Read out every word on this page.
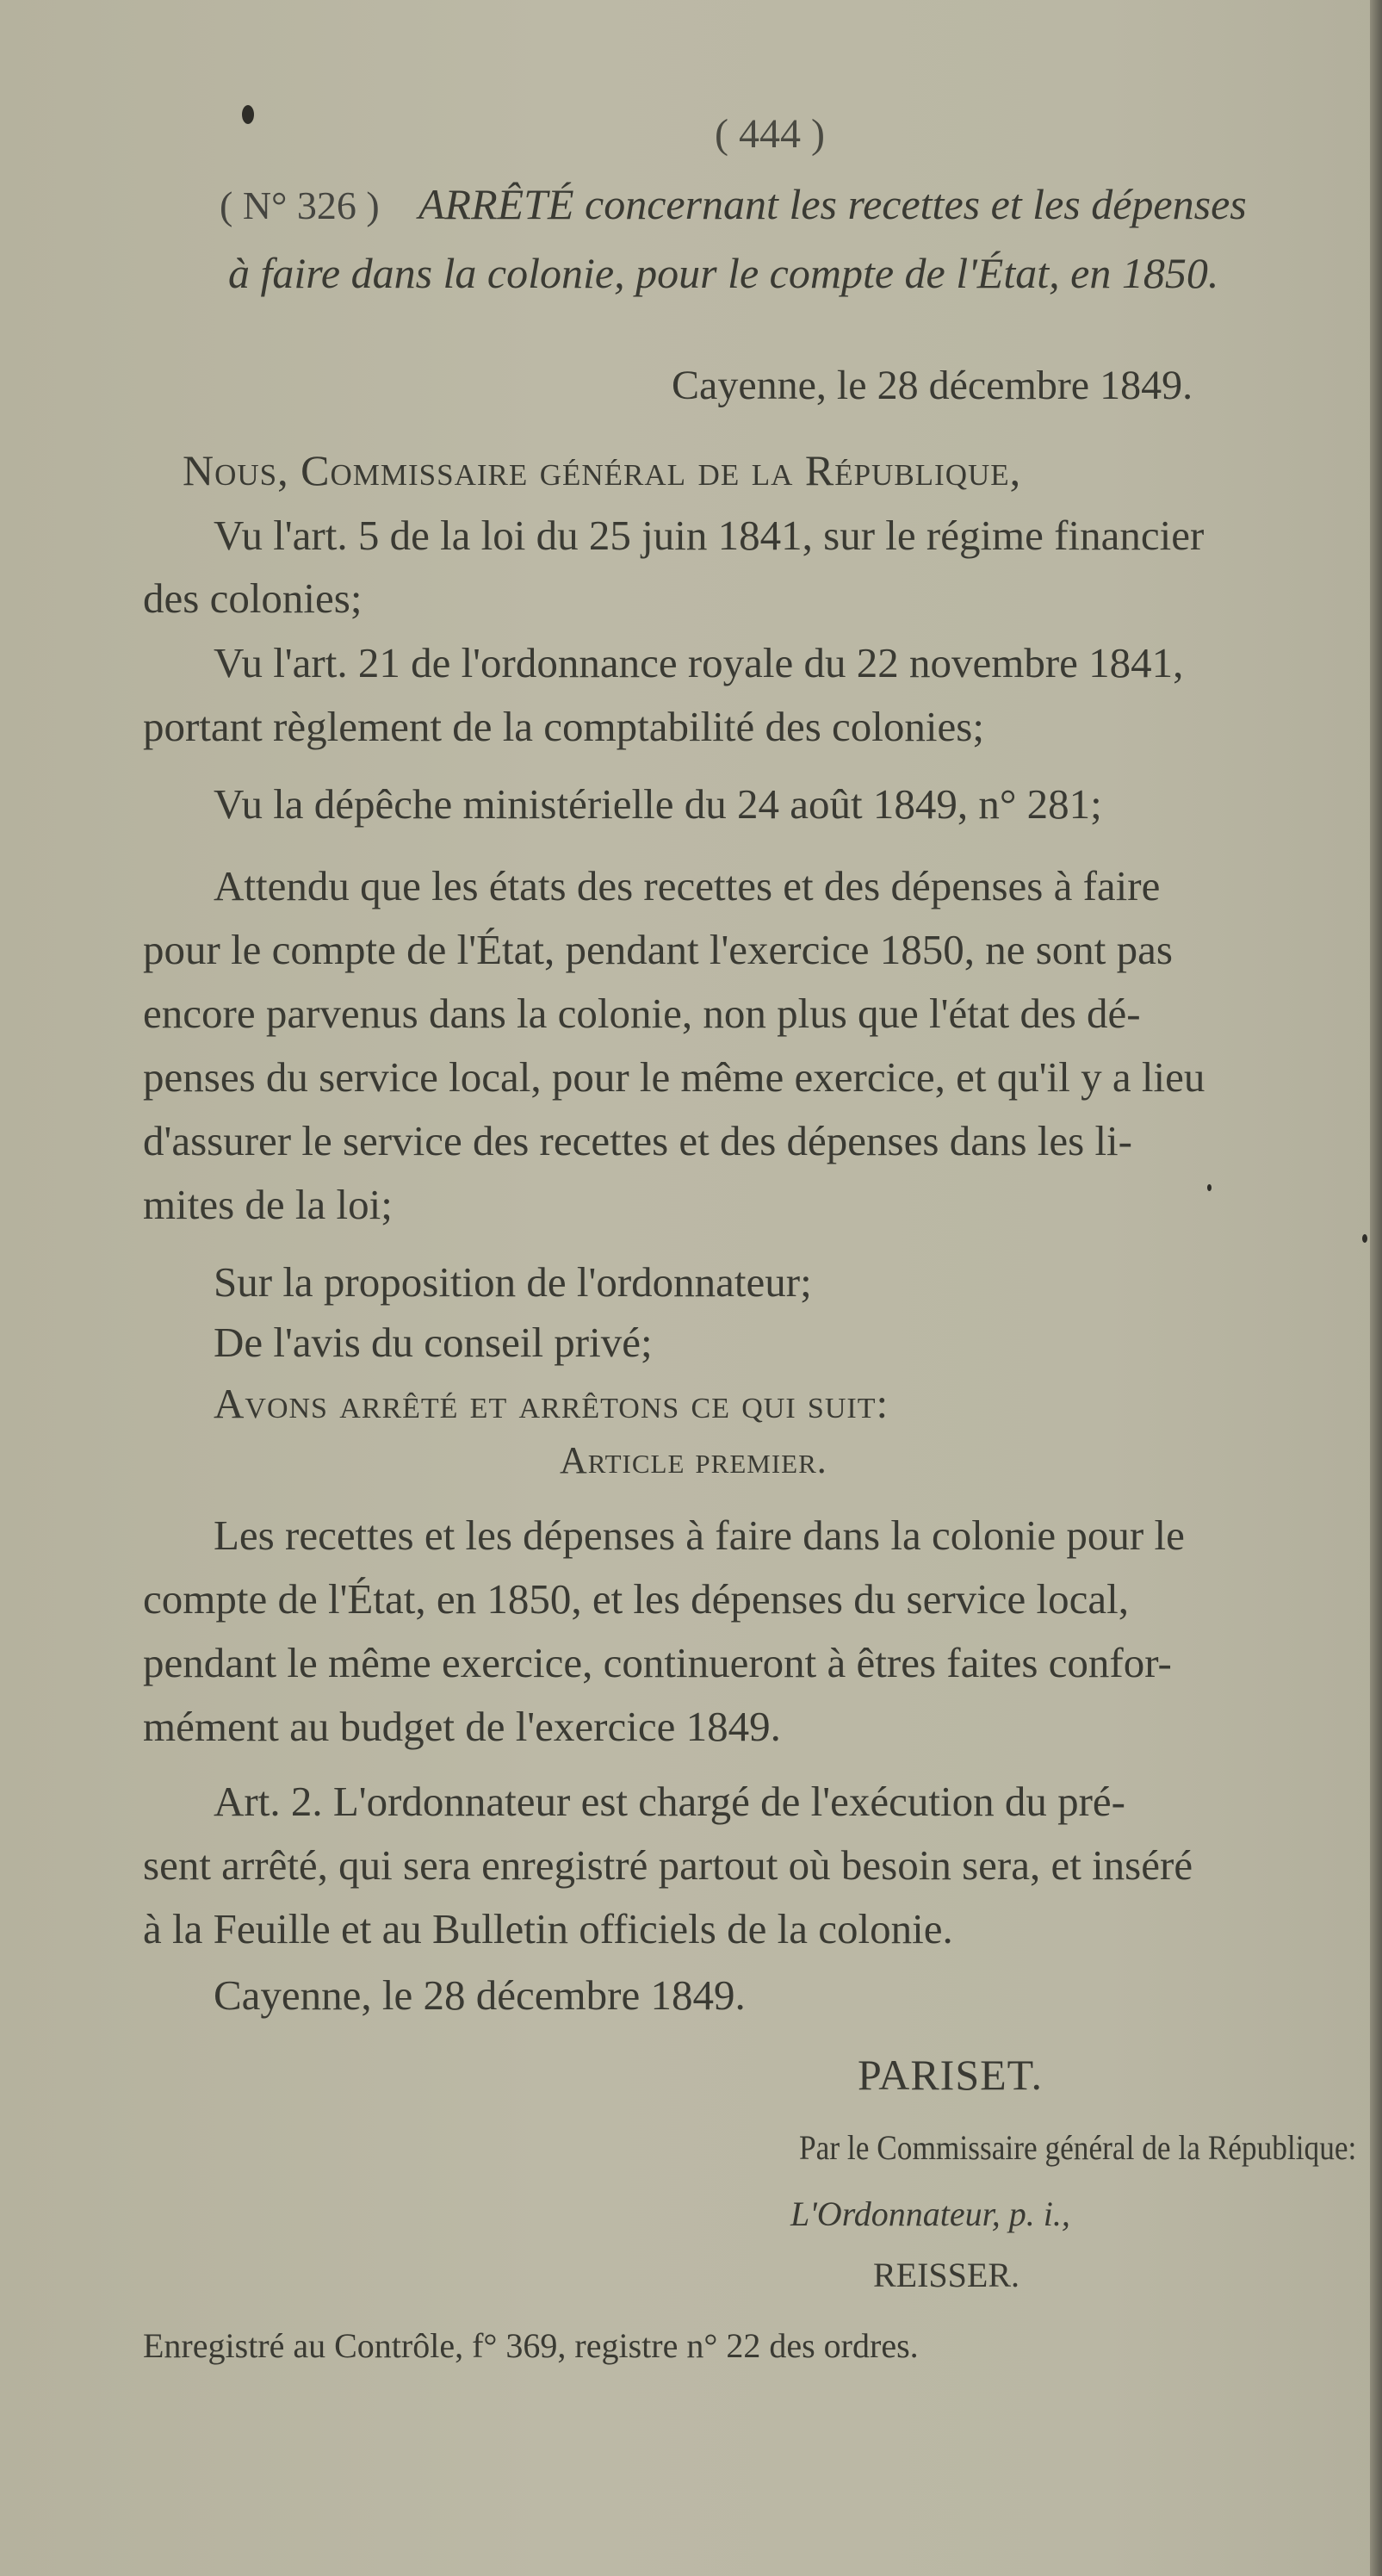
( 444 )
( N° 326 ) ARRÊTÉ concernant les recettes et les dépenses
à faire dans la colonie, pour le compte de l'État, en 1850.
Cayenne, le 28 décembre 1849.
Nous, Commissaire général de la République,
Vu l'art. 5 de la loi du 25 juin 1841, sur le régime financier
des colonies;
Vu l'art. 21 de l'ordonnance royale du 22 novembre 1841,
portant règlement de la comptabilité des colonies;
Vu la dépêche ministérielle du 24 août 1849, n° 281;
Attendu que les états des recettes et des dépenses à faire
pour le compte de l'État, pendant l'exercice 1850, ne sont pas
encore parvenus dans la colonie, non plus que l'état des dé-
penses du service local, pour le même exercice, et qu'il y a lieu
d'assurer le service des recettes et des dépenses dans les li-
mites de la loi;
Sur la proposition de l'ordonnateur;
De l'avis du conseil privé;
Avons arrêté et arrêtons ce qui suit:
Article premier.
Les recettes et les dépenses à faire dans la colonie pour le
compte de l'État, en 1850, et les dépenses du service local,
pendant le même exercice, continueront à êtres faites confor-
mément au budget de l'exercice 1849.
Art. 2. L'ordonnateur est chargé de l'exécution du pré-
sent arrêté, qui sera enregistré partout où besoin sera, et inséré
à la Feuille et au Bulletin officiels de la colonie.
Cayenne, le 28 décembre 1849.
PARISET.
Par le Commissaire général de la République:
L'Ordonnateur, p. i.,
REISSER.
Enregistré au Contrôle, f° 369, registre n° 22 des ordres.
